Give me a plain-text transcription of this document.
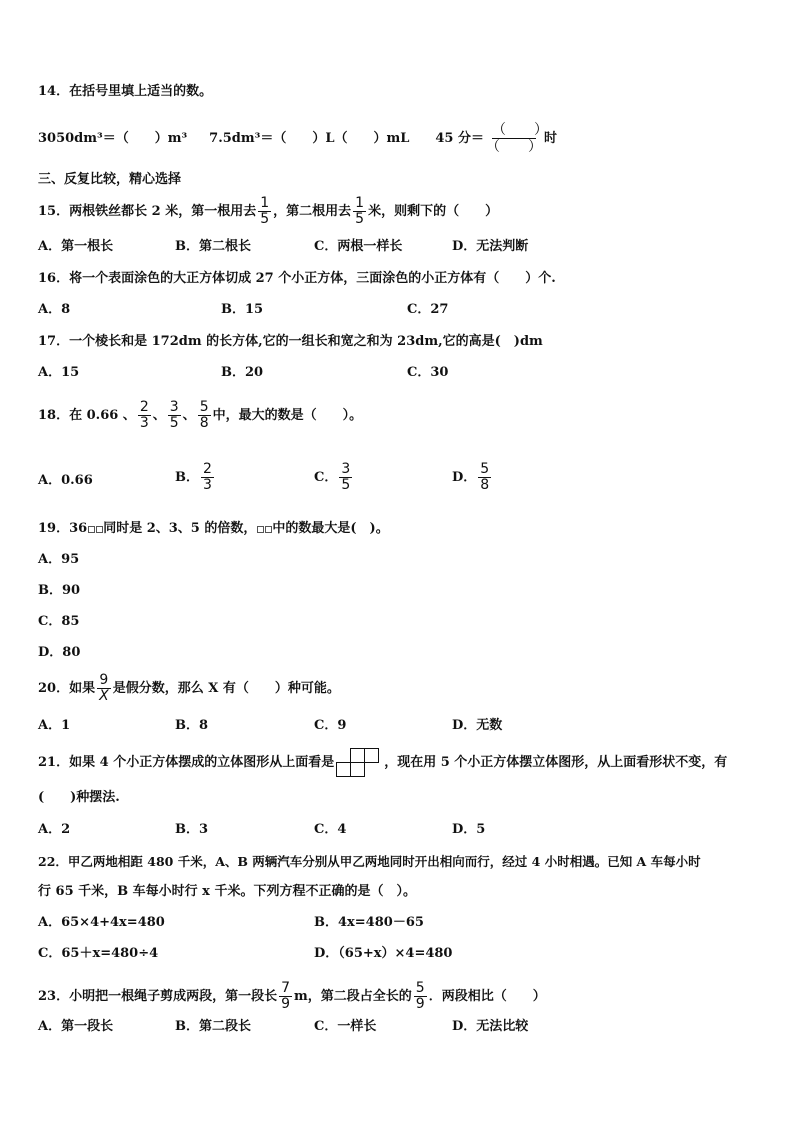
14．在括号里填上适当的数。
3050dm³＝（　　）m³ 7.5dm³＝（　　）L（　　）mL 45 分＝ $\frac{( )}{( )}$ 时
三、反复比较，精心选择
15．两根铁丝都长 2 米，第一根用去 $\frac{1}{5}$ ，第二根用去 $\frac{1}{5}$ 米，则剩下的（　　）
A．第一根长	B．第二根长	C．两根一样长	D．无法判断
16．将一个表面涂色的大正方体切成 27 个小正方体，三面涂色的小正方体有（　　）个.
A．8	B．15	C．27
17．一个棱长和是 172dm 的长方体,它的一组长和宽之和为 23dm,它的高是(　)dm
A．15	B．20	C．30
18．在 0.66 、 $\frac{2}{3}$ 、 $\frac{3}{5}$ 、 $\frac{5}{8}$ 中，最大的数是（　　）。
A．0.66	B． $\frac{2}{3}$	C． $\frac{3}{5}$	D． $\frac{5}{8}$
19．36 同时是 2、3、5 的倍数， 中的数最大是(　)。
A．95
B．90
C．85
D．80
20．如果 $\frac{9}{X}$ 是假分数，那么 X 有（　　）种可能。
A．1	B．8	C．9	D．无数
21．如果 4 个小正方体摆成的立体图形从上面看是	，现在用 5 个小正方体摆立体图形，从上面看形状不变，有
(　　)种摆法.
A．2	B．3	C．4	D．5
22．甲乙两地相距 480 千米，A、B 两辆汽车分别从甲乙两地同时开出相向而行，经过 4 小时相遇。已知 A 车每小时
行 65 千米，B 车每小时行 x 千米。下列方程不正确的是（　）。
A．65×4+4x=480	B．4x=480－65
C．65＋x=480÷4	D．（65+x）×4=480
23．小明把一根绳子剪成两段，第一段长 $\frac{7}{9}$ m，第二段占全长的 $\frac{5}{9}$ ．两段相比（　　）
A．第一段长	B．第二段长	C．一样长	D．无法比较
